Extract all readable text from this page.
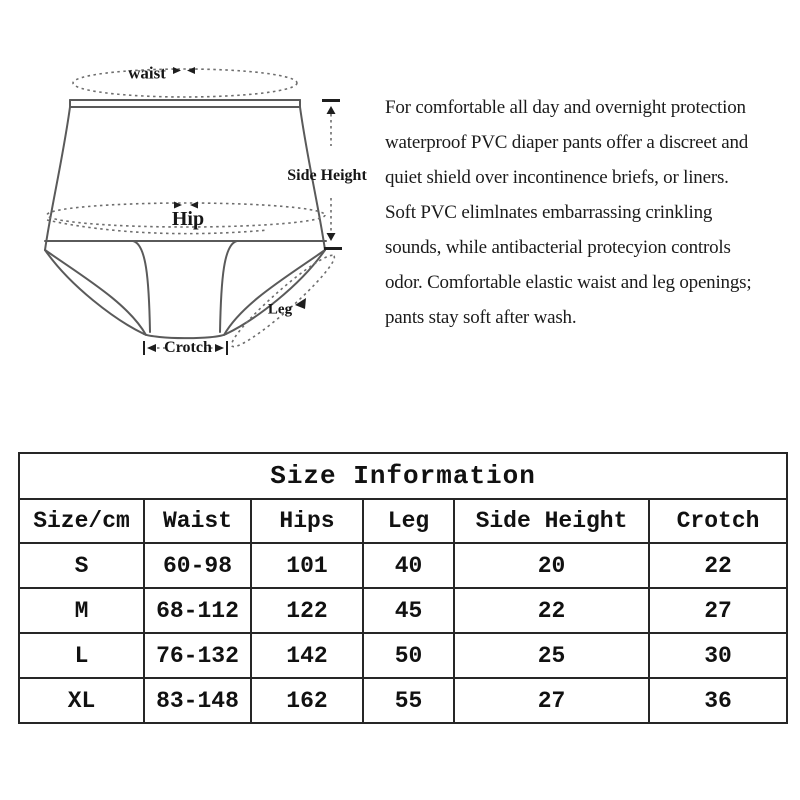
waist
Hip
Side Height
Leg
Crotch

For comfortable all day and overnight protection

waterproof PVC diaper pants offer a discreet and

quiet shield over incontinence briefs, or liners.

Soft PVC elimlnates embarrassing crinkling

sounds, while antibacterial protecyion controls

odor. Comfortable elastic waist and leg openings;

pants stay soft after wash.

Size Information					
Size/cm	Waist	Hips	Leg	Side Height	Crotch
S	60-98	101	40	20	22
M	68-112	122	45	22	27
L	76-132	142	50	25	30
XL	83-148	162	55	27	36
